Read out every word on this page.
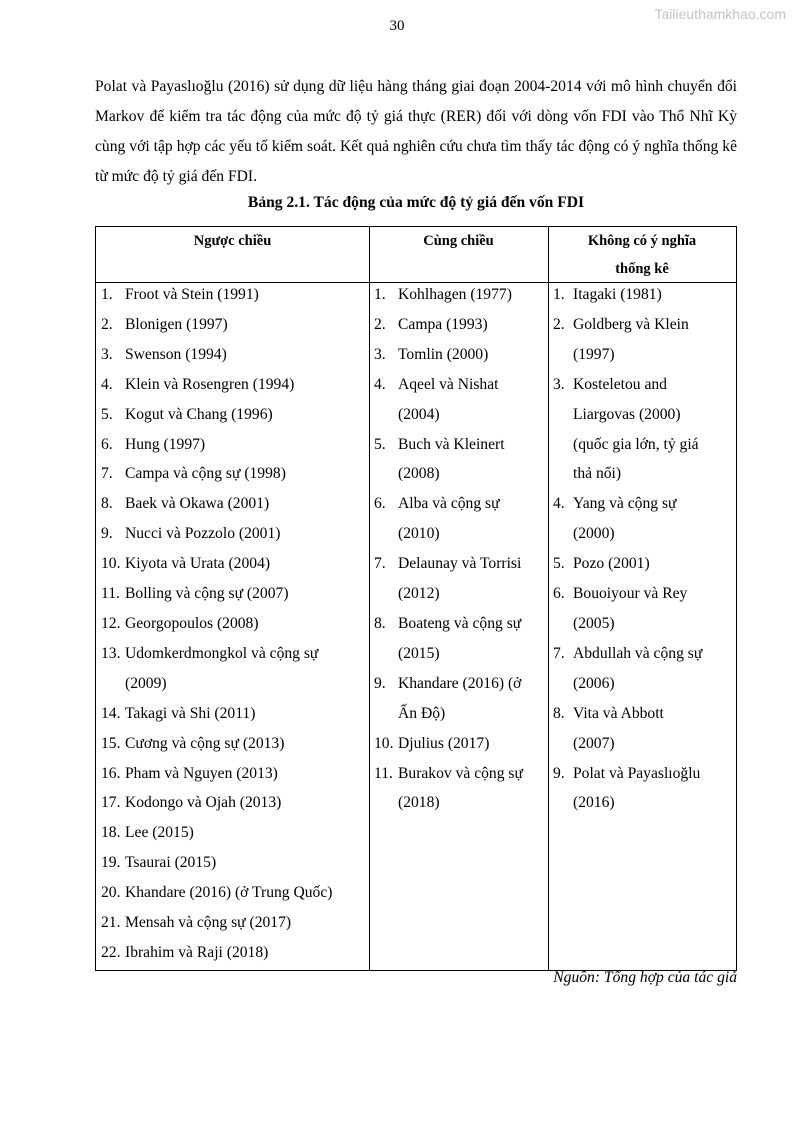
Tailieuthamkhao.com
30

Polat và Payaslıoğlu (2016) sử dụng dữ liệu hàng tháng giai đoạn 2004-2014 với mô hình chuyển đổi Markov để kiểm tra tác động của mức độ tỷ giá thực (RER) đối với dòng vốn FDI vào Thổ Nhĩ Kỳ cùng với tập hợp các yếu tố kiểm soát. Kết quả nghiên cứu chưa tìm thấy tác động có ý nghĩa thống kê từ mức độ tỷ giá đến FDI.

Bảng 2.1. Tác động của mức độ tỷ giá đến vốn FDI
Ngược chiều	Cùng chiều	Không có ý nghĩa
thống kê
1. Froot và Stein (1991)
2. Blonigen (1997)
3. Swenson (1994)
4. Klein và Rosengren (1994)
5. Kogut và Chang (1996)
6. Hung (1997)
7. Campa và cộng sự (1998)
8. Baek và Okawa (2001)
9. Nucci và Pozzolo (2001)
10. Kiyota và Urata (2004)
11. Bolling và cộng sự (2007)
12. Georgopoulos (2008)
13. Udomkerdmongkol và cộng sự
(2009)
14. Takagi và Shi (2011)
15. Cương và cộng sự (2013)
16. Pham và Nguyen (2013)
17. Kodongo và Ojah (2013)
18. Lee (2015)
19. Tsaurai (2015)
20. Khandare (2016) (ở Trung Quốc)
21. Mensah và cộng sự (2017)
22. Ibrahim và Raji (2018)
1. Kohlhagen (1977)
2. Campa (1993)
3. Tomlin (2000)
4. Aqeel và Nishat
(2004)
5. Buch và Kleinert
(2008)
6. Alba và cộng sự
(2010)
7. Delaunay và Torrisi
(2012)
8. Boateng và cộng sự
(2015)
9. Khandare (2016) (ở
Ấn Độ)
10. Djulius (2017)
11. Burakov và cộng sự
(2018)
1. Itagaki (1981)
2. Goldberg và Klein
(1997)
3. Kosteletou and
Liargovas (2000)
(quốc gia lớn, tỷ giá
thả nổi)
4. Yang và cộng sự
(2000)
5. Pozo (2001)
6. Bouoiyour và Rey
(2005)
7. Abdullah và cộng sự
(2006)
8. Vita và Abbott
(2007)
9. Polat và Payaslıoğlu
(2016)
Nguồn: Tổng hợp của tác giả
